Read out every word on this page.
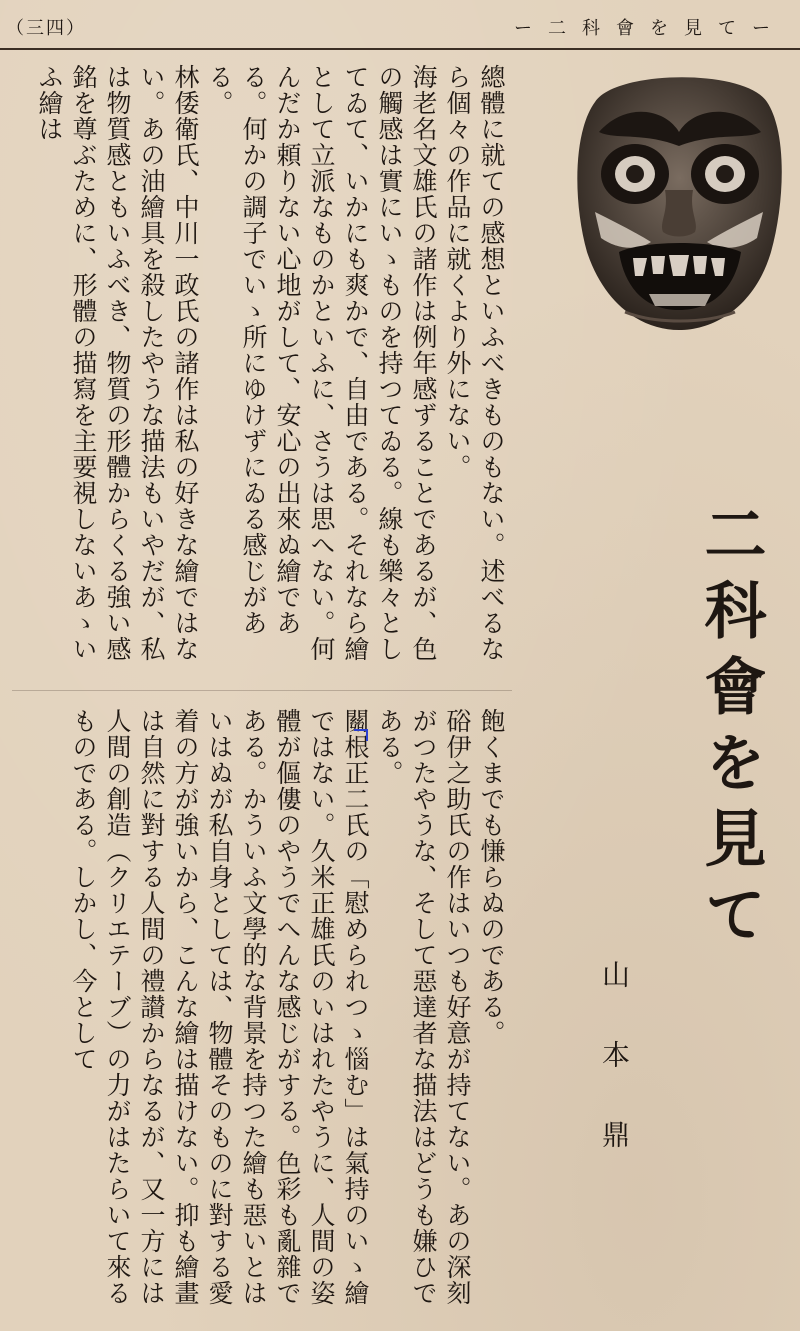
（三四）	ー二科會を見てー

總體に就ての感想といふべきものもない。述べるなら個々の作品に就くより外にない。

海老名文雄氏の諸作は例年感ずることであるが、色の觸感は實にいゝものを持つてゐる。線も樂々としてゐて、いかにも爽かで、自由である。それなら繪として立派なものかといふに、さうは思へない。何んだか頼りない心地がして、安心の出來ぬ繪である。何かの調子でいゝ所にゆけずにゐる感じがある。

林倭衛氏、中川一政氏の諸作は私の好きな繪ではない。あの油繪具を殺したやうな描法もいやだが、私は物質感ともいふべき、物質の形體からくる強い感銘を尊ぶために、形體の描寫を主要視しないあゝいふ繪は

飽くまでも慊らぬのである。

硲伊之助氏の作はいつも好意が持てない。あの深刻がつたやうな、そして惡達者な描法はどうも嫌ひである。

關根正二氏の「慰められつゝ惱む」は氣持のいゝ繪ではない。久米正雄氏のいはれたやうに、人間の姿體が傴僂のやうでへんな感じがする。色彩も亂雜である。かういふ文學的な背景を持つた繪も惡いとはいはぬが私自身としては、物體そのものに對する愛着の方が強いから、こんな繪は描けない。抑も繪畫は自然に對する人間の禮讃からなるが、又一方には人間の創造（クリエテーブ）の力がはたらいて來るものである。しかし、今として	二科會を見て
山本鼎
